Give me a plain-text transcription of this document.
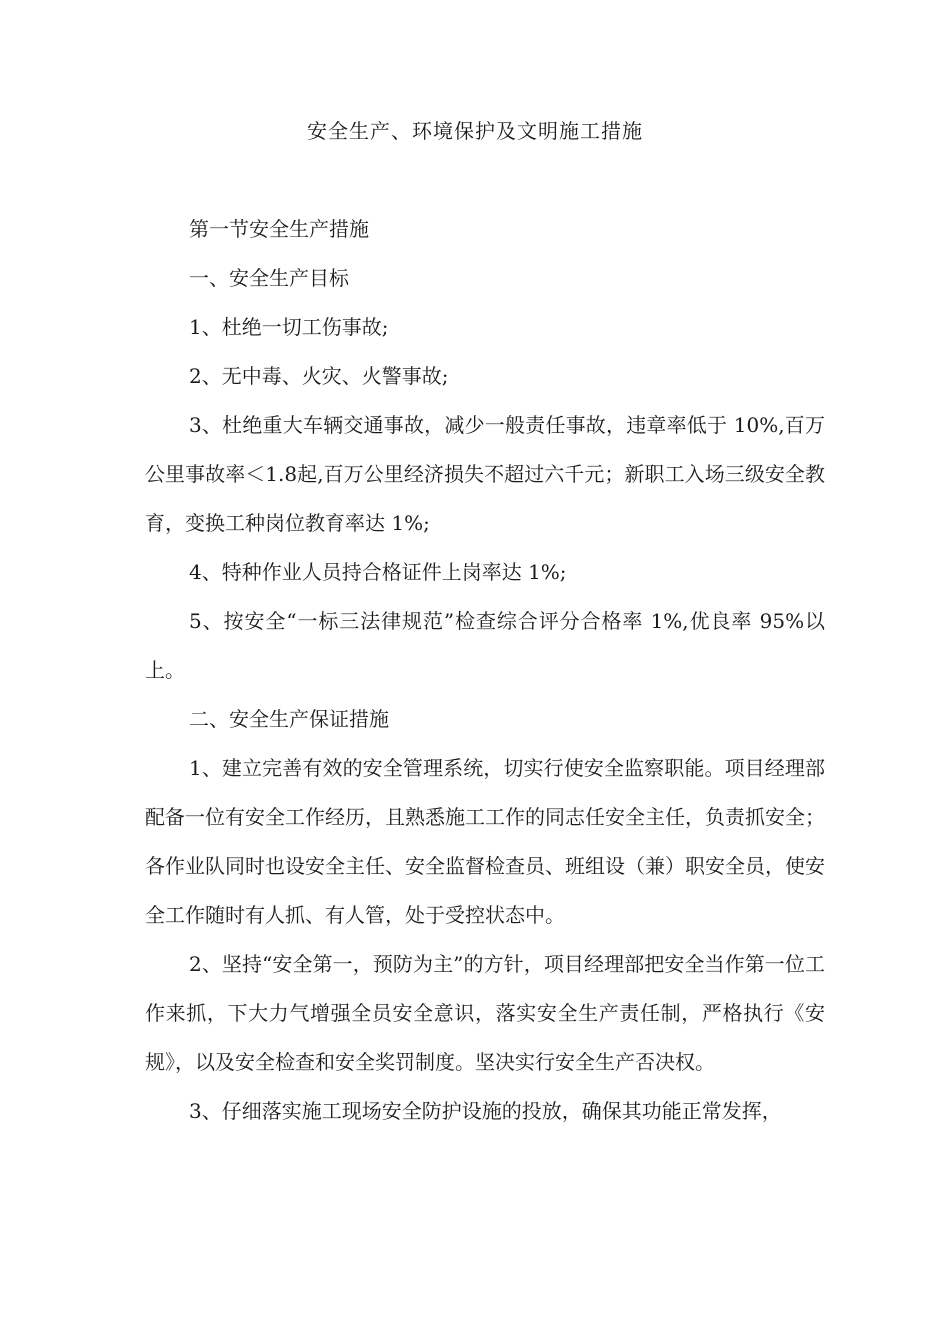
安全生产、环境保护及文明施工措施

第一节安全生产措施

一、安全生产目标

1、杜绝一切工伤事故;

2、无中毒、火灾、火警事故;

3、杜绝重大车辆交通事故，减少一般责任事故，违章率低于 10%,百万公里事故率＜1.8起,百万公里经济损失不超过六千元；新职工入场三级安全教育，变换工种岗位教育率达 1%;

4、特种作业人员持合格证件上岗率达 1%;

5、按安全“一标三法律规范”检查综合评分合格率 1%,优良率 95%以上。

二、安全生产保证措施

1、建立完善有效的安全管理系统，切实行使安全监察职能。项目经理部配备一位有安全工作经历，且熟悉施工工作的同志任安全主任，负责抓安全；各作业队同时也设安全主任、安全监督检查员、班组设（兼）职安全员，使安全工作随时有人抓、有人管，处于受控状态中。

2、坚持“安全第一，预防为主”的方针，项目经理部把安全当作第一位工作来抓，下大力气增强全员安全意识，落实安全生产责任制，严格执行《安规》，以及安全检查和安全奖罚制度。坚决实行安全生产否决权。

3、仔细落实施工现场安全防护设施的投放，确保其功能正常发挥，
